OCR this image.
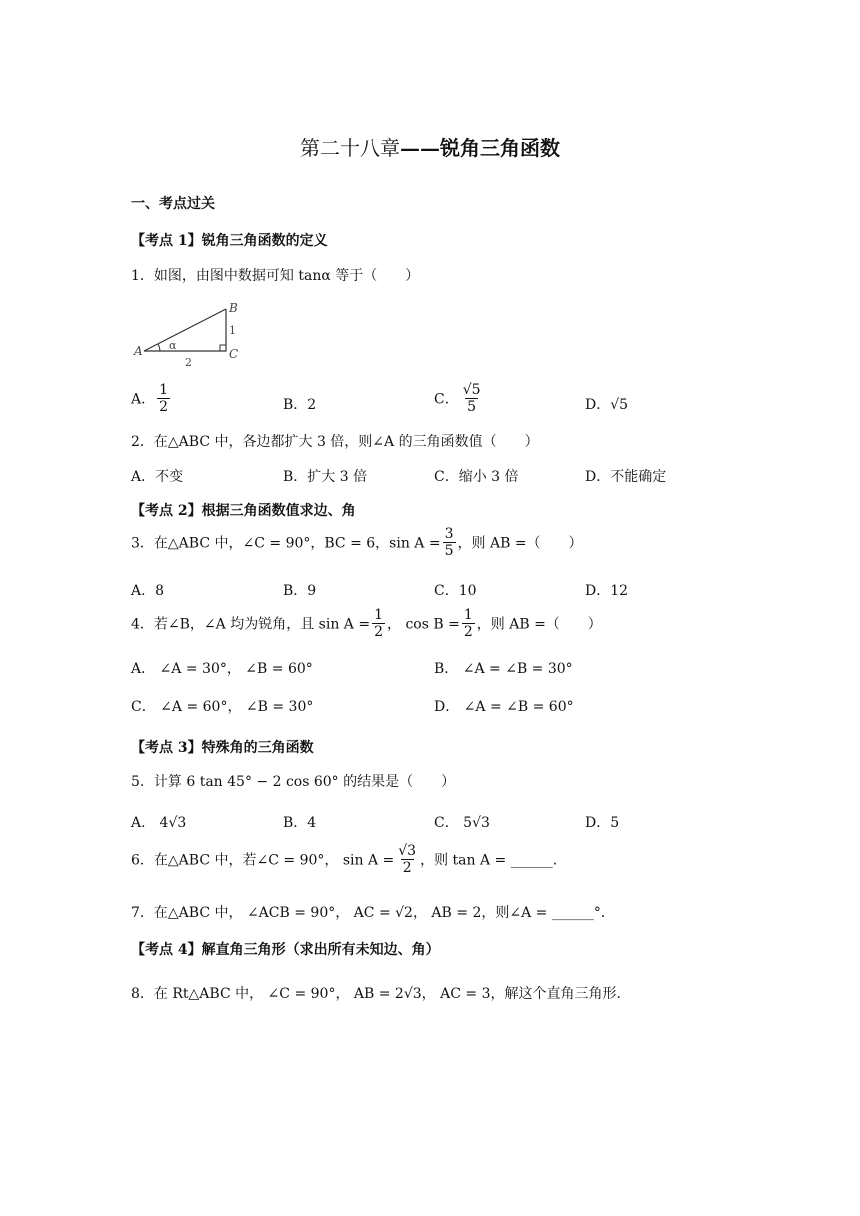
第二十八章——锐角三角函数
一、考点过关
【考点 1】锐角三角函数的定义
1．如图，由图中数据可知 tanα 等于（　　）
A
B
C
α
1
2
A． $\frac{1}{2}$	B．2	C． $\frac{√5}{5}$	D．√5
2．在△ABC 中，各边都扩大 3 倍，则∠A 的三角函数值（　　）
A．不变	B．扩大 3 倍	C．缩小 3 倍	D．不能确定
【考点 2】根据三角函数值求边、角
3．在△ABC 中，∠C = 90°，BC = 6，$\sin A = \frac{3}{5}$ ，则 AB =（　　）
A．8	B．9	C．10	D．12
4．若∠B，∠A 均为锐角，且 $\sin A = \frac{1}{2}$ ， $\cos B = \frac{1}{2}$ ，则 AB =（　　）
A． ∠A = 30°， ∠B = 60°	B． ∠A = ∠B = 30°
C． ∠A = 60°， ∠B = 30°	D． ∠A = ∠B = 60°
【考点 3】特殊角的三角函数
5．计算 6 tan 45° − 2 cos 60° 的结果是（　　）
A． 4√3	B．4	C． 5√3	D．5
6．在△ABC 中，若∠C = 90°， $\sin A = \frac{√3}{2}$ ，则 tan A = ______.
7．在△ABC 中， ∠ACB = 90°， AC = √2， AB = 2，则∠A = ______°．
【考点 4】解直角三角形（求出所有未知边、角）
8．在 Rt△ABC 中， ∠C = 90°， AB = 2√3， AC = 3，解这个直角三角形.
